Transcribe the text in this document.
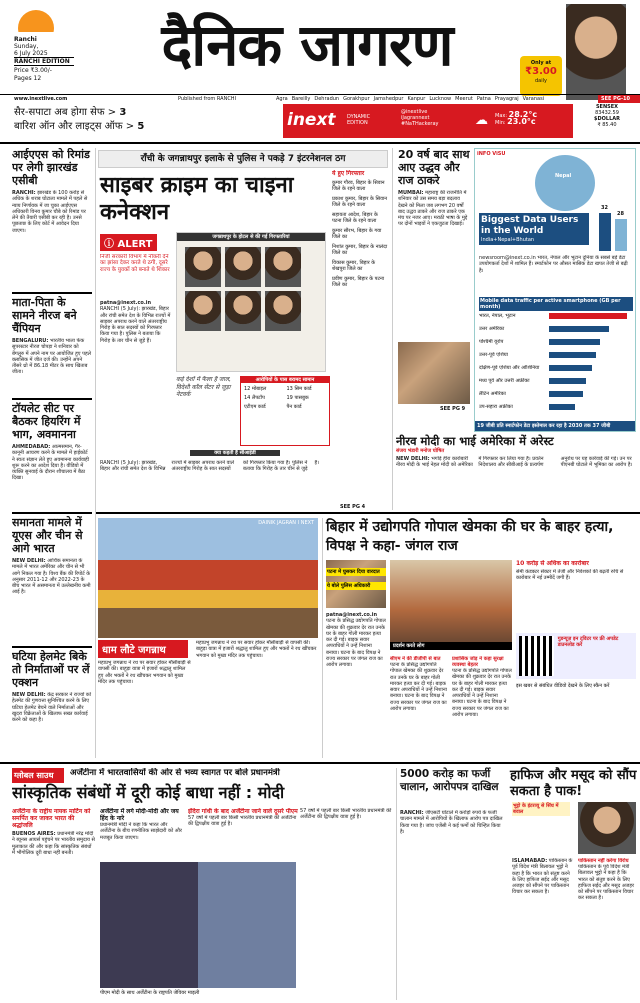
Ranchi
Sunday,
6 July 2025
RANCHI EDITION
Price ₹3.00/-
Pages 12	दैनिक जागरण	Only at
₹3.00
daily
www.inextlive.com	Published from RANCHI	Agra Bareilly Dehradun Gorakhpur Jamshedpur Kanpur Lucknow Meerut Patna Prayagraj Varanasi	SEE PG-10
सैर-सपाटा अब होगा सेफ > 3
बारिश ऑन और लाइट्स ऑफ > 5	inext DYNAMIC
EDITION
@inextlive
iJagrannext
#NaTHackeray	☁ Max: 28.2°c
Min: 23.0°c
SENSEX
83432.59
$DOLLAR
₹ 85.40
आईएएस को रिमांड पर लेगी झारखंड एसीबी
RANCHI: झारखंड के 100 करोड़ से अधिक के शराब घोटाला मामले में पहले से न्याय निर्णायक में जा चुका आईएएस अधिकारी विनय कुमार चौबे को रिमांड पर लेने की तैयारी एसीबी कर रही है। उनसे पूछताछ के लिए कोर्ट में आवेदन दिया जाएगा।
माता-पिता के सामने नीरज बने चैंपियन
BENGALURU: भारतीय भाला फेंक सुपरस्टार नीरज चोपड़ा ने शनिवार को बेंगलुरु में अपने नाम पर आयोजित हुए पहले क्लासिक में जीत दर्ज की। उन्होंने अपने तीसरे थ्रो में 86.18 मीटर के साथ खिताब जीता।
टॉयलेट सीट पर बैठकर हियरिंग में भाग, अवमानना
AHMEDABAD: आत्मसमान, गैर-कानूनी आचरण करने के मामले में हाईकोर्ट ने स्वतः संज्ञान लेते हुए अवमानना कार्यवाही शुरू करने का आदेश दिया है। वीडियो में व्यक्ति सुनवाई के दौरान शौचालय में बैठा दिखा।
समानता मामले में यूएस और चीन से आगे भारत
NEW DELHI: आर्थिक समानता के मामले में भारत अमेरिका और चीन से भी आगे निकल गया है। विश्व बैंक की रिपोर्ट के अनुसार 2011-12 और 2022-23 के बीच भारत में असमानता में उल्लेखनीय कमी आई है।
घटिया हेलमेट बिके तो निर्माताओं पर लें एक्शन
NEW DELHI: केंद्र सरकार ने राज्यों को हेलमेट की गुणवत्ता सुनिश्चित करने के लिए घटिया हेलमेट बेचने वाले निर्माताओं और खुदरा विक्रेताओं के खिलाफ सख्त कार्रवाई करने को कहा है।
राँची के जगन्नाथपुर इलाके से पुलिस ने पकड़े 7 इंटरनेशनल ठग
साइबर क्राइम का चाइना कनेक्शन
ⓘ ALERT
निजी सरकारी विभाग में नौकरी देने का झांसा देकर करते थे ठगी, दूसरे राज्य के युवकों को बनाते थे शिकार
जगन्नाथपुर के होटल से की गई गिरफ्तारियां
patna@inext.co.in
RANCHI (5 July): झारखंड, बिहार और रांची समेत देश के विभिन्न राज्यों में साइबर अपराध करने वाले अंतरराष्ट्रीय गिरोह के सात सदस्यों को गिरफ्तार किया गया है। पुलिस ने बताया कि गिरोह के तार चीन से जुड़े हैं।
कई देशों में फैला है जाल, विदेशी कॉल सेंटर से जुड़ा नेटवर्क
आरोपियों के पास बरामद सामान
12 मोबाइल	13 सिम कार्ड
14 लैपटॉप	19 पासबुक
एटीएम कार्ड	पैन कार्ड
ये हुए गिरफ्तार
कुमार गौरव, बिहार के सिवान जिले के रहने वाला
प्रकाश कुमार, बिहार के सिवान जिले के रहने वाला
सहायता आदेश, बिहार के पटना जिले के रहने वाला
कुमार सौरभ, बिहार के गया जिले का
निशांत कुमार, बिहार के नालंदा जिले का
विकास कुमार, बिहार के शेखपुरा जिले का
प्रवीण कुमार, बिहार के पटना जिले का
क्या कहती है सीआईडी
RANCHI (5 July): झारखंड, बिहार और रांची समेत देश के विभिन्न राज्यों में साइबर अपराध करने वाले अंतरराष्ट्रीय गिरोह के सात सदस्यों को गिरफ्तार किया गया है। पुलिस ने बताया कि गिरोह के तार चीन से जुड़े हैं।
SEE PG 4
20 वर्ष बाद साथ आए उद्धव और राज ठाकरे
MUMBAI: महाराष्ट्र की राजनीति में शनिवार को उस समय बड़ा बदलाव देखने को मिला जब लगभग 20 वर्षों बाद उद्धव ठाकरे और राज ठाकरे एक मंच पर नजर आए। मराठी भाषा के मुद्दे पर दोनों भाइयों ने एकजुटता दिखाई।
SEE PG 9
iNFO ViSU
Nepal
Biggest Data Users
in the World
India+Nepal+Bhutan
32
28
newsroom@inext.co.in भारत, नेपाल और भूटान दुनिया के सबसे बड़े डेटा उपयोगकर्ता देशों में शामिल हैं। स्मार्टफोन पर औसत मासिक डेटा खपत तेजी से बढ़ी है।
Mobile data traffic per active smartphone (GB per month)
भारत, नेपाल, भूटान
उत्तर अमेरिका
पश्चिमी यूरोप
उत्तर-पूर्व एशिया
दक्षिण-पूर्व एशिया और ओशिनिया
मध्य पूर्व और उत्तरी अफ्रीका
लैटिन अमेरिका
उप-सहारा अफ्रीका
19 जीबी प्रति स्मार्टफोन डेटा इस्तेमाल कर रहा है 2030 तक 37 जीबी
नीरव मोदी का भाई अमेरिका में अरेस्ट
संजय भंडारी मनोज घोषित
NEW DELHI: भगोड़े हीरा कारोबारी नीरव मोदी के भाई नेहल मोदी को अमेरिका में गिरफ्तार कर लिया गया है। प्रवर्तन निदेशालय और सीबीआई के प्रत्यर्पण अनुरोध पर यह कार्रवाई की गई। उन पर पीएनबी घोटाले में भूमिका का आरोप है।
DAINIK JAGRAN I NEXT
धाम लौटे जगन्नाथ
महाप्रभु जगन्नाथ ने रथ पर सवार होकर मौसीबाड़ी से वापसी की। बाहुड़ा यात्रा में हजारों श्रद्धालु शामिल हुए और भक्तों ने रथ खींचकर भगवान को मुख्य मंदिर तक पहुंचाया।
महाप्रभु जगन्नाथ ने रथ पर सवार होकर मौसीबाड़ी से वापसी की। बाहुड़ा यात्रा में हजारों श्रद्धालु शामिल हुए और भक्तों ने रथ खींचकर भगवान को मुख्य मंदिर तक पहुंचाया।
बिहार में उद्योगपति गोपाल खेमका की घर के बाहर हत्या, विपक्ष ने कहा- जंगल राज
पटना में घुसकर दिया वारदात
ये बोले पुलिस अधिकारी
patna@inext.co.in
पटना के प्रसिद्ध उद्योगपति गोपाल खेमका की शुक्रवार देर रात उनके घर के बाहर गोली मारकर हत्या कर दी गई। बाइक सवार अपराधियों ने उन्हें निशाना बनाया। घटना के बाद विपक्ष ने राज्य सरकार पर जंगल राज का आरोप लगाया।
प्रदर्शन करते लोग
सीएम ने की डीजीपी से बात
पटना के प्रसिद्ध उद्योगपति गोपाल खेमका की शुक्रवार देर रात उनके घर के बाहर गोली मारकर हत्या कर दी गई। बाइक सवार अपराधियों ने उन्हें निशाना बनाया। घटना के बाद विपक्ष ने राज्य सरकार पर जंगल राज का आरोप लगाया।
प्रशासिक जोड़ ने कहा सुरक्षा व्यवस्था बेहतर
पटना के प्रसिद्ध उद्योगपति गोपाल खेमका की शुक्रवार देर रात उनके घर के बाहर गोली मारकर हत्या कर दी गई। बाइक सवार अपराधियों ने उन्हें निशाना बनाया। घटना के बाद विपक्ष ने राज्य सरकार पर जंगल राज का आरोप लगाया।
10 करोड़ से अधिक का कारोबार
सेमी कंडक्टर सेक्टर में तेजी और निवेशकों की बढ़ती रुचि से कारोबार में नई उम्मीदें जगी हैं।
गुडन्यूज़ इन ट्विटर पर फ्री अपडेट डाउनलोड करें
इस खबर से संबंधित वीडियो देखने के लिए स्कैन करें
ग्लोबल साउथ	अर्जेंटीना में भारतवासियों की ओर से भव्य स्वागत पर बोले प्रधानमंत्री
सांस्कृतिक संबंधों में दूरी कोई बाधा नहीं : मोदी
अर्जेंटीना के राष्ट्रीय नायक मार्टिन को समर्पित कर जाकर भारत की श्रद्धांजलि
BUENOS AIRES: प्रधानमंत्री नरेंद्र मोदी ने ब्यूनस आयर्स पहुंचने पर भारतीय समुदाय से मुलाकात की और कहा कि सांस्कृतिक संबंधों में भौगोलिक दूरी बाधा नहीं बनती।
अर्जेंटीना में लगे मोदी-मोदी और जय हिंद के नारे
प्रधानमंत्री मोदी ने कहा कि भारत और अर्जेंटीना के बीच रणनीतिक साझेदारी को और मजबूत किया जाएगा।
इंदिरा गांधी के बाद अर्जेंटीना जाने वाले दूसरे पीएम
57 वर्षों में पहली बार किसी भारतीय प्रधानमंत्री की अर्जेंटीना की द्विपक्षीय यात्रा हुई है।
पीएम मोदी के साथ अर्जेंटीना के राष्ट्रपति जेवियर माइली
57 वर्षों में पहली बार किसी भारतीय प्रधानमंत्री की अर्जेंटीना की द्विपक्षीय यात्रा हुई है।
5000 करोड़ का फर्जी चालान, आरोपपत्र दाखिल
RANCHI: जीएसटी घोटाले में करोड़ों रुपये के फर्जी चालान मामले में आरोपियों के खिलाफ आरोप पत्र दाखिल किया गया है। जांच एजेंसी ने कई फर्मों को चिन्हित किया है।
हाफिज और मसूद को सौंप सकता है पाक!
भुट्टो के इंटरव्यू से सिंध में बवाल
ISLAMABAD: पाकिस्तान के पूर्व विदेश मंत्री बिलावल भुट्टो ने कहा है कि भारत को संतुष्ट करने के लिए हाफिज सईद और मसूद अजहर को सौंपने पर पाकिस्तान विचार कर सकता है।
पाकिस्तान नहीं करेगा विरोध
पाकिस्तान के पूर्व विदेश मंत्री बिलावल भुट्टो ने कहा है कि भारत को संतुष्ट करने के लिए हाफिज सईद और मसूद अजहर को सौंपने पर पाकिस्तान विचार कर सकता है।
